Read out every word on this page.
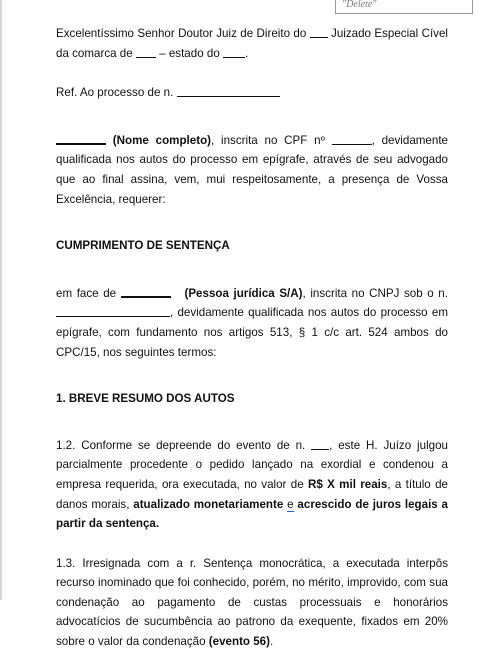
"Delete"

Excelentíssimo Senhor Doutor Juiz de Direito do Juizado Especial Cível da comarca de – estado do .

Ref. Ao processo de n.

(Nome completo), inscrita no CPF nº	, devidamente qualificada nos autos do processo em epígrafe, através de seu advogado que ao final assina, vem, mui respeitosamente, a presença de Vossa Excelência, requerer:

CUMPRIMENTO DE SENTENÇA

em face de	(Pessoa jurídica S/A), inscrita no CNPJ sob o n. , devidamente qualificada nos autos do processo em epígrafe, com fundamento nos artigos 513, § 1 c/c art. 524 ambos do CPC/15, nos seguintes termos:

1. BREVE RESUMO DOS AUTOS

1.2. Conforme se depreende do evento de n. , este H. Juízo julgou parcialmente procedente o pedido lançado na exordial e condenou a empresa requerida, ora executada, no valor de R$ X mil reais, a título de danos morais, atualizado monetariamente e acrescido de juros legais a partir da sentença.

1.3. Irresignada com a r. Sentença monocrática, a executada interpôs recurso inominado que foi conhecido, porém, no mérito, improvido, com sua condenação ao pagamento de custas processuais e honorários advocatícios de sucumbência ao patrono da exequente, fixados em 20% sobre o valor da condenação (evento 56).
